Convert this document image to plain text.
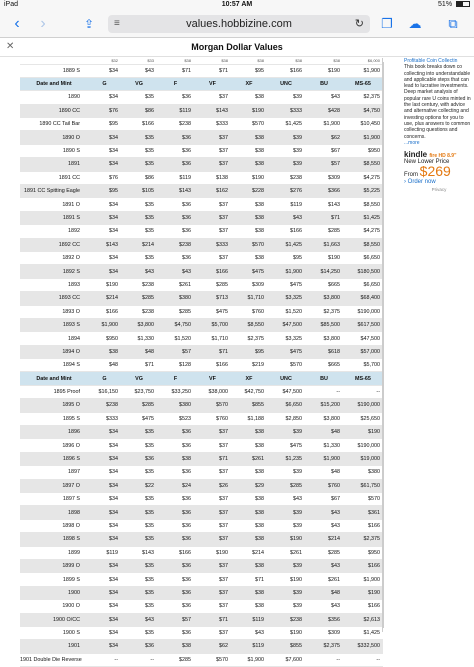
iPad	10:57 AM	51%
‹	›	⇪	≡	values.hobbizine.com	↻	❐	☁	⧉
✕	Morgan Dollar Values
	$32	$33	$38	$38	$38	$38	$38	$6,000
1889 S	$34	$43	$71	$71	$95	$166	$190	$1,900
Date and Mint	G	VG	F	VF	XF	UNC	BU	MS-65
1890	$34	$35	$36	$37	$38	$39	$43	$2,375
1890 CC	$76	$86	$119	$143	$190	$333	$428	$4,750
1890 CC Tail Bar	$95	$166	$238	$333	$570	$1,425	$1,900	$10,450
1890 O	$34	$35	$36	$37	$38	$39	$62	$1,900
1890 S	$34	$35	$36	$37	$38	$39	$67	$950
1891	$34	$35	$36	$37	$38	$39	$57	$8,550
1891 CC	$76	$86	$119	$138	$190	$238	$309	$4,275
1891 CC Spitting Eagle	$95	$105	$143	$162	$228	$276	$366	$5,225
1891 O	$34	$35	$36	$37	$38	$119	$143	$8,550
1891 S	$34	$35	$36	$37	$38	$43	$71	$1,425
1892	$34	$35	$36	$37	$38	$166	$285	$4,275
1892 CC	$143	$214	$238	$333	$570	$1,425	$1,663	$8,550
1892 O	$34	$35	$36	$37	$38	$95	$190	$6,650
1892 S	$34	$43	$43	$166	$475	$1,900	$14,250	$180,500
1893	$190	$238	$261	$285	$309	$475	$665	$6,650
1893 CC	$214	$285	$380	$713	$1,710	$3,325	$3,800	$68,400
1893 O	$166	$238	$285	$475	$760	$1,520	$2,375	$190,000
1893 S	$1,900	$3,800	$4,750	$5,700	$8,550	$47,500	$85,500	$617,500
1894	$950	$1,330	$1,520	$1,710	$2,375	$3,325	$3,800	$47,500
1894 O	$38	$48	$57	$71	$95	$475	$618	$57,000
1894 S	$48	$71	$128	$166	$219	$570	$665	$5,700
Date and Mint	G	VG	F	VF	XF	UNC	BU	MS-65
1895 Proof	$16,150	$23,750	$33,250	$38,000	$42,750	$47,500	--	--
1895 O	$238	$285	$380	$570	$855	$6,650	$15,200	$190,000
1895 S	$333	$475	$523	$760	$1,188	$2,850	$3,800	$25,650
1896	$34	$35	$36	$37	$38	$39	$48	$190
1896 O	$34	$35	$36	$37	$38	$475	$1,330	$190,000
1896 S	$34	$36	$38	$71	$261	$1,235	$1,900	$19,000
1897	$34	$35	$36	$37	$38	$39	$48	$380
1897 O	$34	$22	$24	$26	$29	$285	$760	$61,750
1897 S	$34	$35	$36	$37	$38	$43	$67	$570
1898	$34	$35	$36	$37	$38	$39	$43	$361
1898 O	$34	$35	$36	$37	$38	$39	$43	$166
1898 S	$34	$35	$36	$37	$38	$190	$214	$2,375
1899	$119	$143	$166	$190	$214	$261	$285	$950
1899 O	$34	$35	$36	$37	$38	$39	$43	$166
1899 S	$34	$35	$36	$37	$71	$190	$261	$1,900
1900	$34	$35	$36	$37	$38	$39	$48	$190
1900 O	$34	$35	$36	$37	$38	$39	$43	$166
1900 O/CC	$34	$43	$57	$71	$119	$238	$356	$2,613
1900 S	$34	$35	$36	$37	$43	$190	$309	$1,425
1901	$34	$36	$38	$62	$119	$855	$2,375	$332,500
1901 Double Die Reverse	--	--	$285	$570	$1,900	$7,600	--	--
Profitable Coin Collectin
This book breaks down co collecting into understandable and applicable steps that can lead to lucrative investments. Deep market analysis of popular rare U coins minted in the last century, with advice and alternative collecting and investing options for you to use, plus answers to common collecting questions and concerns.
...more
kindle fire HD 8.9"
New Lower Price
From $269
› Order now
Privacy
